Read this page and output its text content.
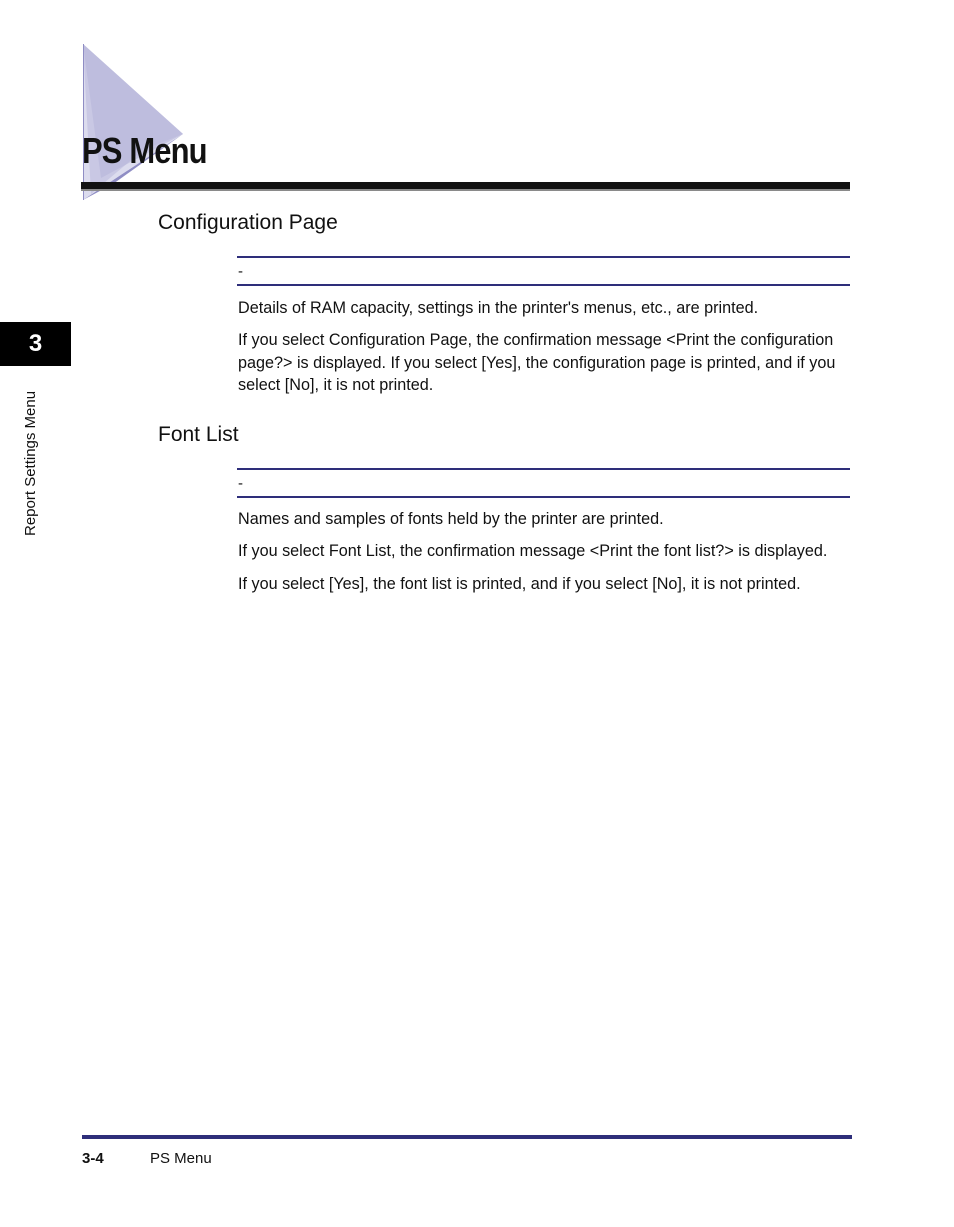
PS Menu
3
Report Settings Menu
Configuration Page
-

Details of RAM capacity, settings in the printer's menus, etc., are printed.

If you select Configuration Page, the confirmation message <Print the configuration page?> is displayed. If you select [Yes], the configuration page is printed, and if you select [No], it is not printed.

Font List
-

Names and samples of fonts held by the printer are printed.

If you select Font List, the confirmation message <Print the font list?> is displayed.

If you select [Yes], the font list is printed, and if you select [No], it is not printed.

3-4	PS Menu
